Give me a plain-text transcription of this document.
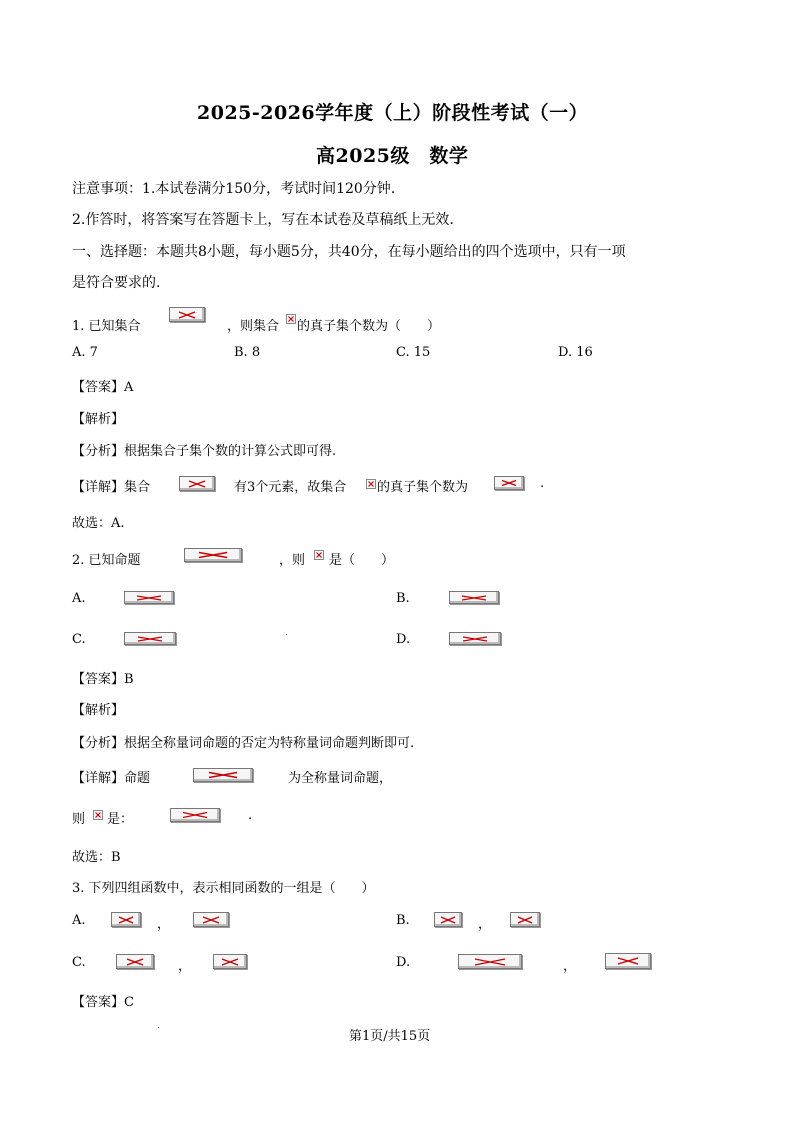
2025-2026学年度（上）阶段性考试（一）
高2025级　数学
注意事项：1.本试卷满分150分，考试时间120分钟.
2.作答时，将答案写在答题卡上，写在本试卷及草稿纸上无效.
一、选择题：本题共8小题，每小题5分，共40分，在每小题给出的四个选项中，只有一项
是符合要求的.
1. 已知集合	，则集合 的真子集个数为（　　）
A. 7	B. 8	C. 15	D. 16
【答案】A
【解析】
【分析】根据集合子集个数的计算公式即可得.
【详解】集合	有3个元素，故集合 的真子集个数为	.
故选：A.
2. 已知命题	，则 是（　　）
A.	B.
C.	D.
【答案】B
【解析】
【分析】根据全称量词命题的否定为特称量词命题判断即可.
【详解】命题	为全称量词命题，
则 是：	.
故选：B
3. 下列四组函数中，表示相同函数的一组是（　　）
A.	，	B.	，
C.	，	D.	，
【答案】C
第1页/共15页
